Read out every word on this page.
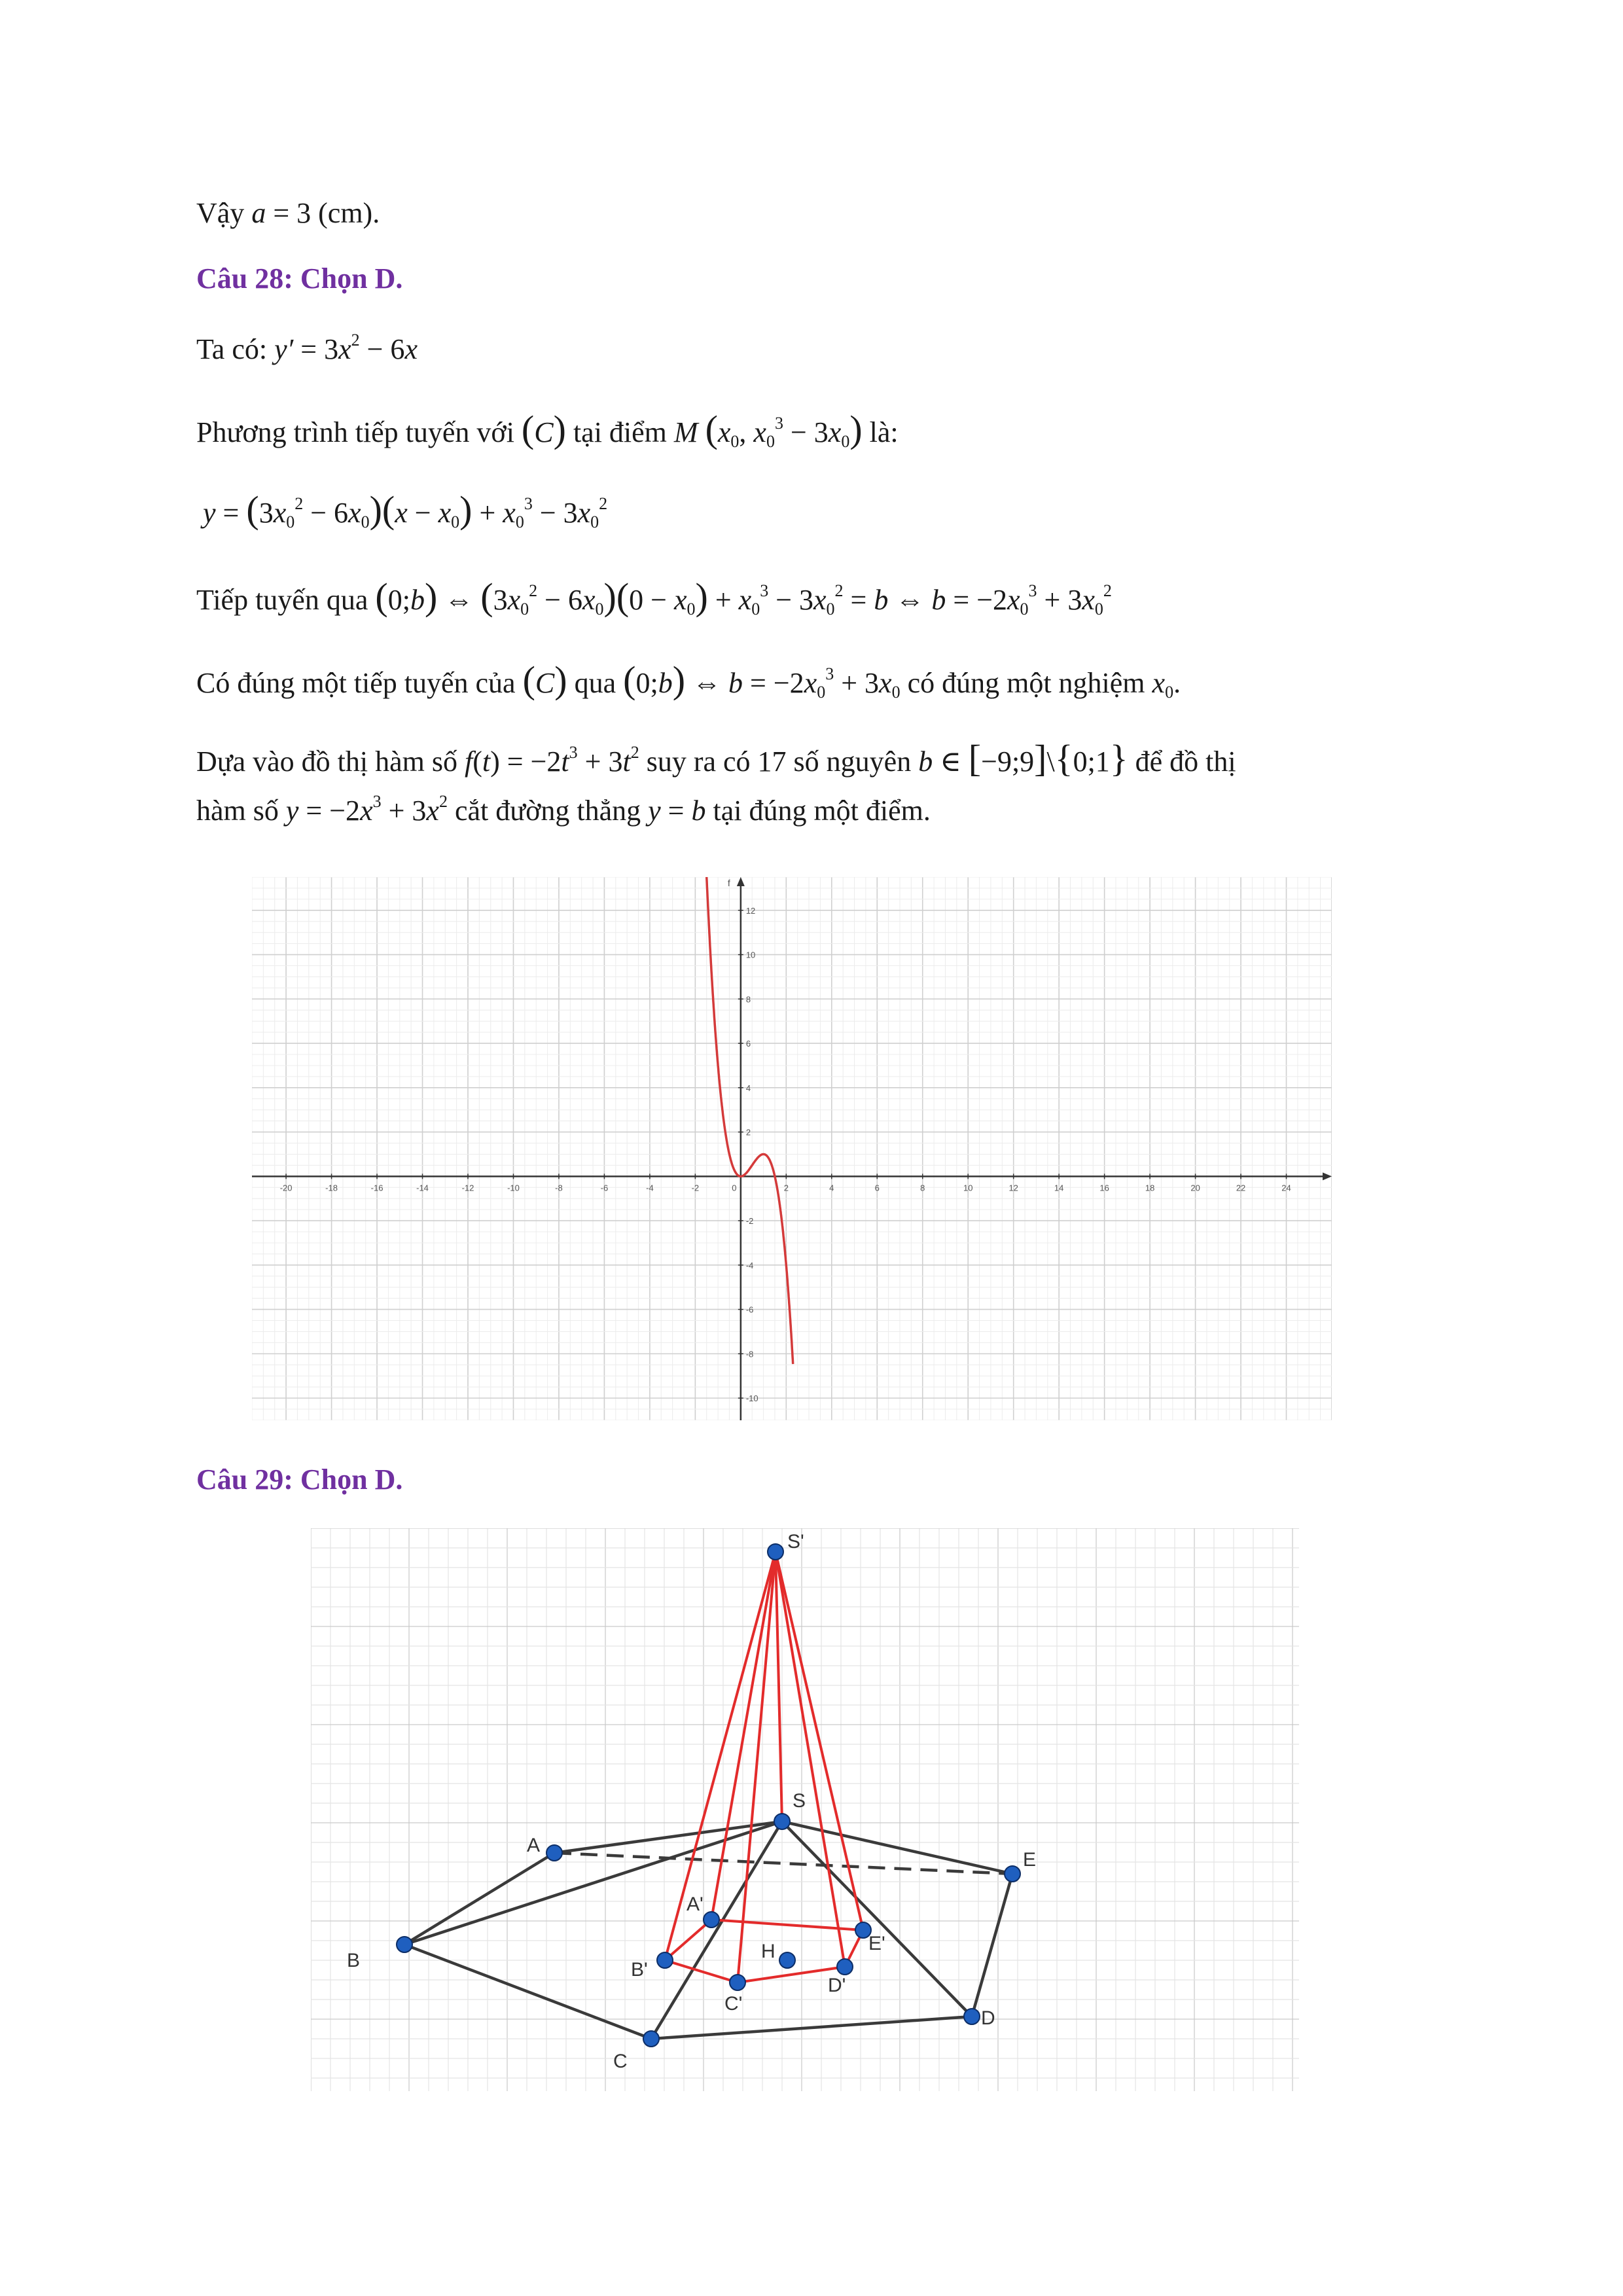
Vậy a = 3 (cm).
Câu 28: Chọn D.
Ta có: $y' = 3x^2 - 6x$
Phương trình tiếp tuyến với (C) tại điểm M ($x_0$, $x_0^3 - 3x_0$) là:
$y = (3x_0^2 - 6x_0)(x - x_0) + x_0^3 - 3x_0^2$
Tiếp tuyến qua (0;b) ⇔ $(3x_0^2 - 6x_0)(0 - x_0) + x_0^3 - 3x_0^2 = b$ ⇔ $b = -2x_0^3 + 3x_0^2$
Có đúng một tiếp tuyến của (C) qua (0;b) ⇔ $b = -2x_0^3 + 3x_0$ có đúng một nghiệm $x_0$.
Dựa vào đồ thị hàm số $f(t) = -2t^3 + 3t^2$ suy ra có 17 số nguyên b ∈ [−9;9]\{0;1} để đồ thị
hàm số $y = -2x^3 + 3x^2$ cắt đường thẳng y = b tại đúng một điểm.
f
-20	-18	-16	-14	-12	-10	-8	-6	-4	-2	0	2	4	6	8	10	12	14	16	18	20	22	24
-10
-8
-6
-4
-2
2
4
6
8
10
12
Câu 29: Chọn D.
S'
S
A
B
C
D
E
A'
B'
C'
D'
E'
H
